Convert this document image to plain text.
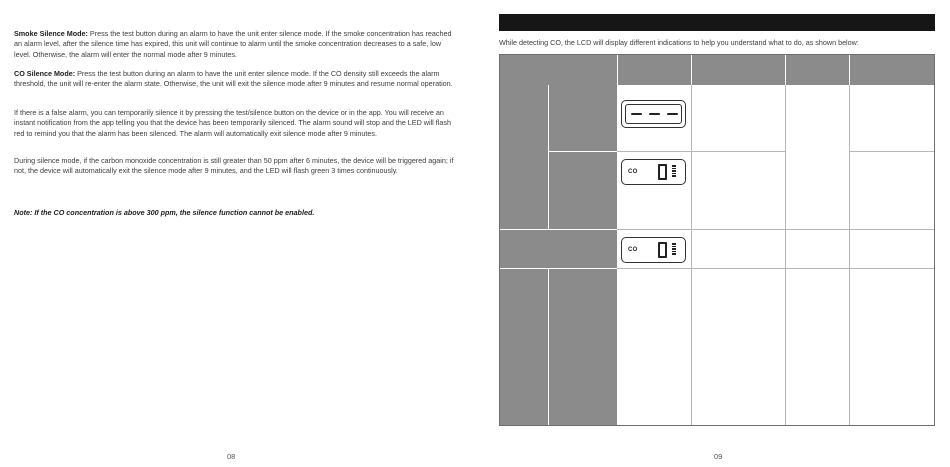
Smoke Silence Mode: Press the test button during an alarm to have the unit enter silence mode. If the smoke concentration has reached an alarm level, after the silence time has expired, this unit will continue to alarm until the smoke concentration decreases to a safe, low level. Otherwise, the alarm will enter the normal mode after 9 minutes.

CO Silence Mode: Press the test button during an alarm to have the unit enter silence mode. If the CO density still exceeds the alarm threshold, the unit will re-enter the alarm state. Otherwise, the unit will exit the silence mode after 9 minutes and resume normal operation.

If there is a false alarm, you can temporarily silence it by pressing the test/silence button on the device or in the app. You will receive an instant notification from the app telling you that the device has been temporarily silenced. The alarm sound will stop and the LED will flash red to remind you that the alarm has been silenced. The alarm will automatically exit silence mode after 9 minutes.

During silence mode, if the carbon monoxide concentration is still greater than 50 ppm after 6 minutes, the device will be triggered again; if not, the device will automatically exit the silence mode after 9 minutes, and the LED will flash green 3 times continuously.

Note: If the CO concentration is above 300 ppm, the silence function cannot be enabled.

08

While detecting CO, the LCD will display different indications to help you understand what to do, as shown below:

CO
CO
09
